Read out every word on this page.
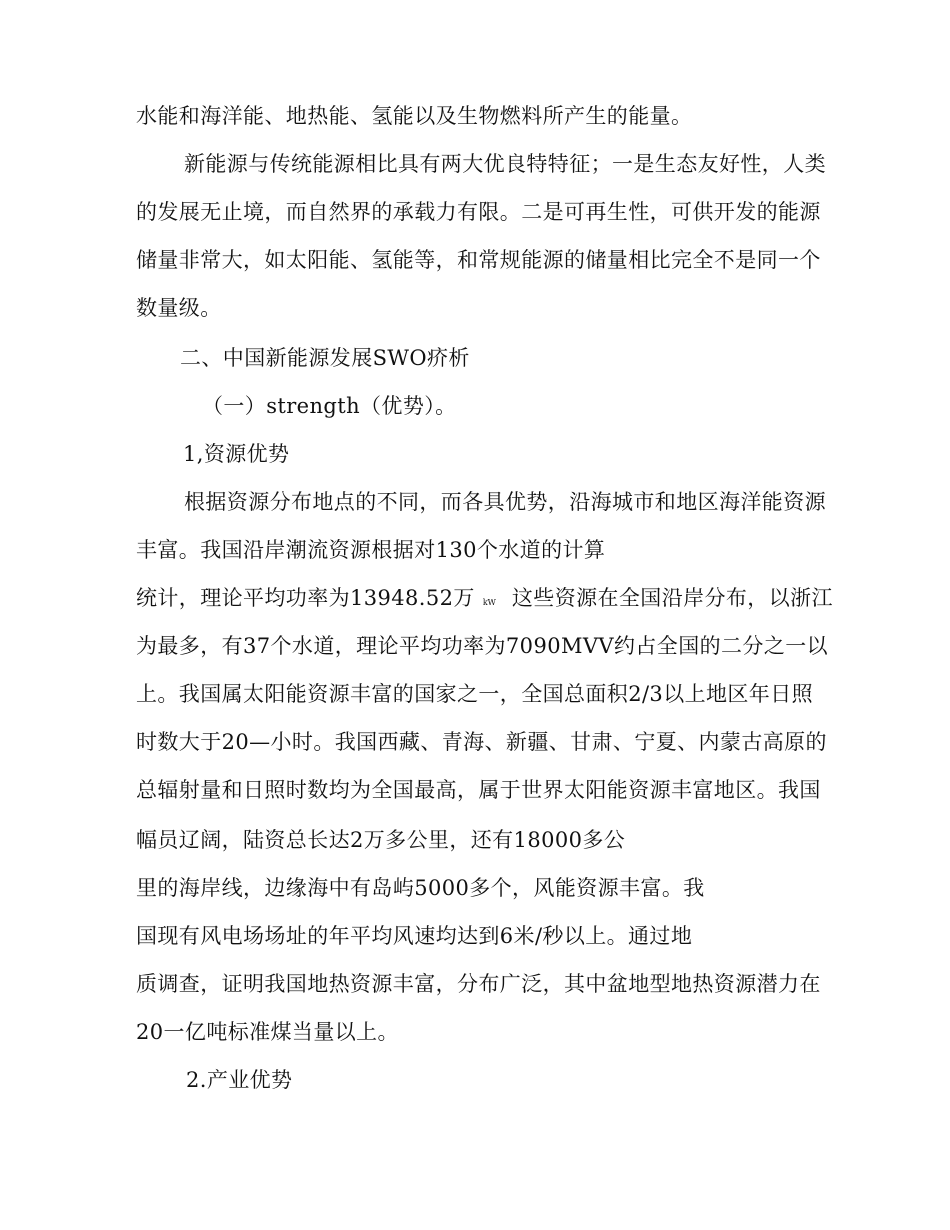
水能和海洋能、地热能、氢能以及生物燃料所产生的能量。
新能源与传统能源相比具有两大优良特特征；一是生态友好性，人类
的发展无止境，而自然界的承载力有限。二是可再生性，可供开发的能源
储量非常大，如太阳能、氢能等，和常规能源的储量相比完全不是同一个
数量级。
二、中国新能源发展SWO疥析
（一）strength（优势）。
1,资源优势
根据资源分布地点的不同，而各具优势，沿海城市和地区海洋能资源
丰富。我国沿岸潮流资源根据对130个水道的计算
统计，理论平均功率为13948.52万 kW 这些资源在全国沿岸分布，以浙江
为最多，有37个水道，理论平均功率为7090MVV约占全国的二分之一以
上。我国属太阳能资源丰富的国家之一，全国总面积2/3以上地区年日照
时数大于20—小时。我国西藏、青海、新疆、甘肃、宁夏、内蒙古高原的
总辐射量和日照时数均为全国最高，属于世界太阳能资源丰富地区。我国
幅员辽阔，陆资总长达2万多公里，还有18000多公
里的海岸线，边缘海中有岛屿5000多个，风能资源丰富。我
国现有风电场场址的年平均风速均达到6米/秒以上。通过地
质调查，证明我国地热资源丰富，分布广泛，其中盆地型地热资源潜力在
20一亿吨标准煤当量以上。
2.产业优势
